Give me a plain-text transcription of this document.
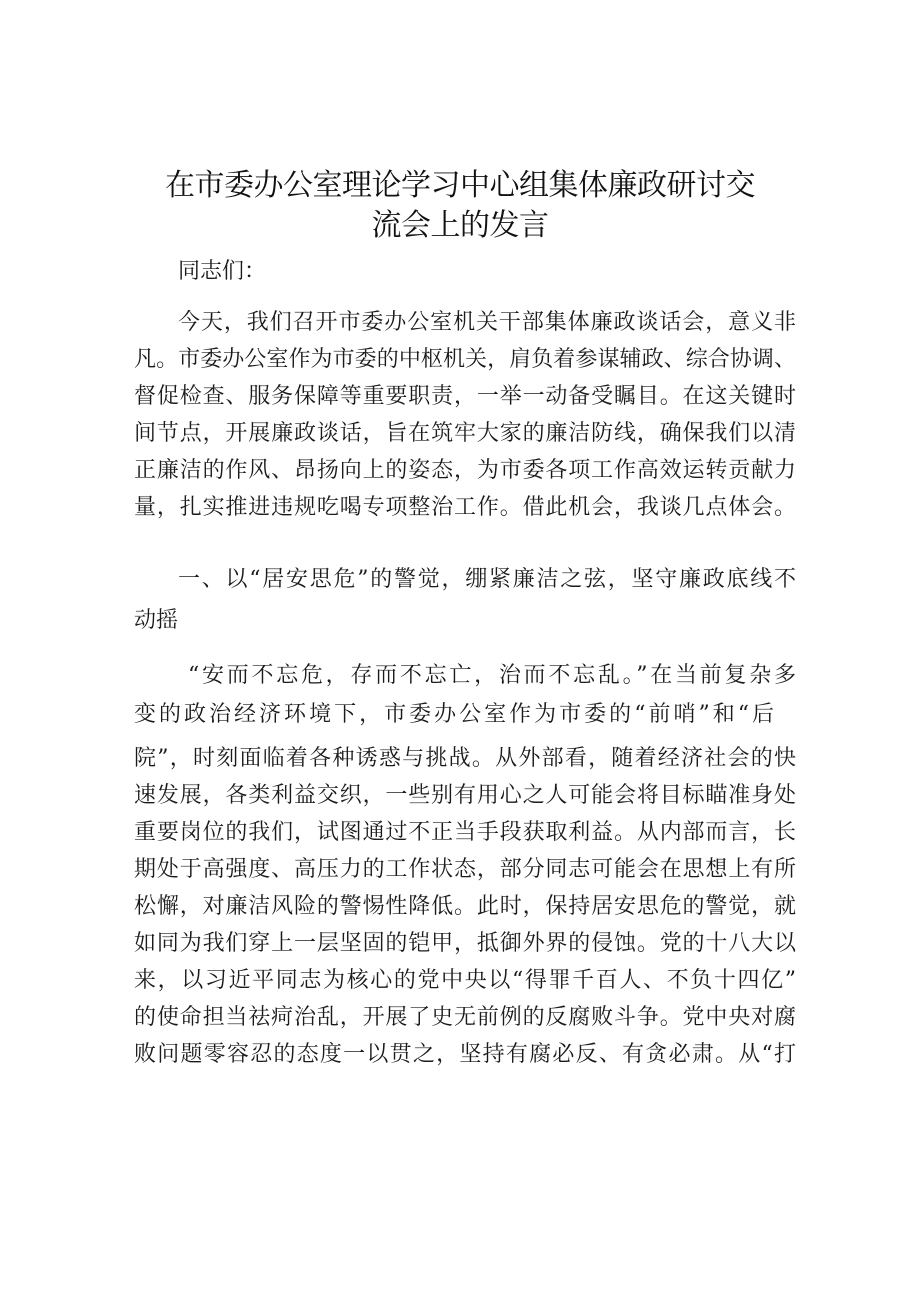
在市委办公室理论学习中心组集体廉政研讨交
流会上的发言
同志们：
今天，我们召开市委办公室机关干部集体廉政谈话会，意义非
凡。市委办公室作为市委的中枢机关，肩负着参谋辅政、综合协调、
督促检查、服务保障等重要职责，一举一动备受瞩目。在这关键时
间节点，开展廉政谈话，旨在筑牢大家的廉洁防线，确保我们以清
正廉洁的作风、昂扬向上的姿态，为市委各项工作高效运转贡献力
量，扎实推进违规吃喝专项整治工作。借此机会，我谈几点体会。
一、以“居安思危”的警觉，绷紧廉洁之弦，坚守廉政底线不
动摇
“安而不忘危，存而不忘亡，治而不忘乱。”在当前复杂多
变的政治经济环境下，市委办公室作为市委的“前哨”和“后
院”，时刻面临着各种诱惑与挑战。从外部看，随着经济社会的快
速发展，各类利益交织，一些别有用心之人可能会将目标瞄准身处
重要岗位的我们，试图通过不正当手段获取利益。从内部而言，长
期处于高强度、高压力的工作状态，部分同志可能会在思想上有所
松懈，对廉洁风险的警惕性降低。此时，保持居安思危的警觉，就
如同为我们穿上一层坚固的铠甲，抵御外界的侵蚀。党的十八大以
来，以习近平同志为核心的党中央以“得罪千百人、不负十四亿”
的使命担当祛疴治乱，开展了史无前例的反腐败斗争。党中央对腐
败问题零容忍的态度一以贯之，坚持有腐必反、有贪必肃。从“打
